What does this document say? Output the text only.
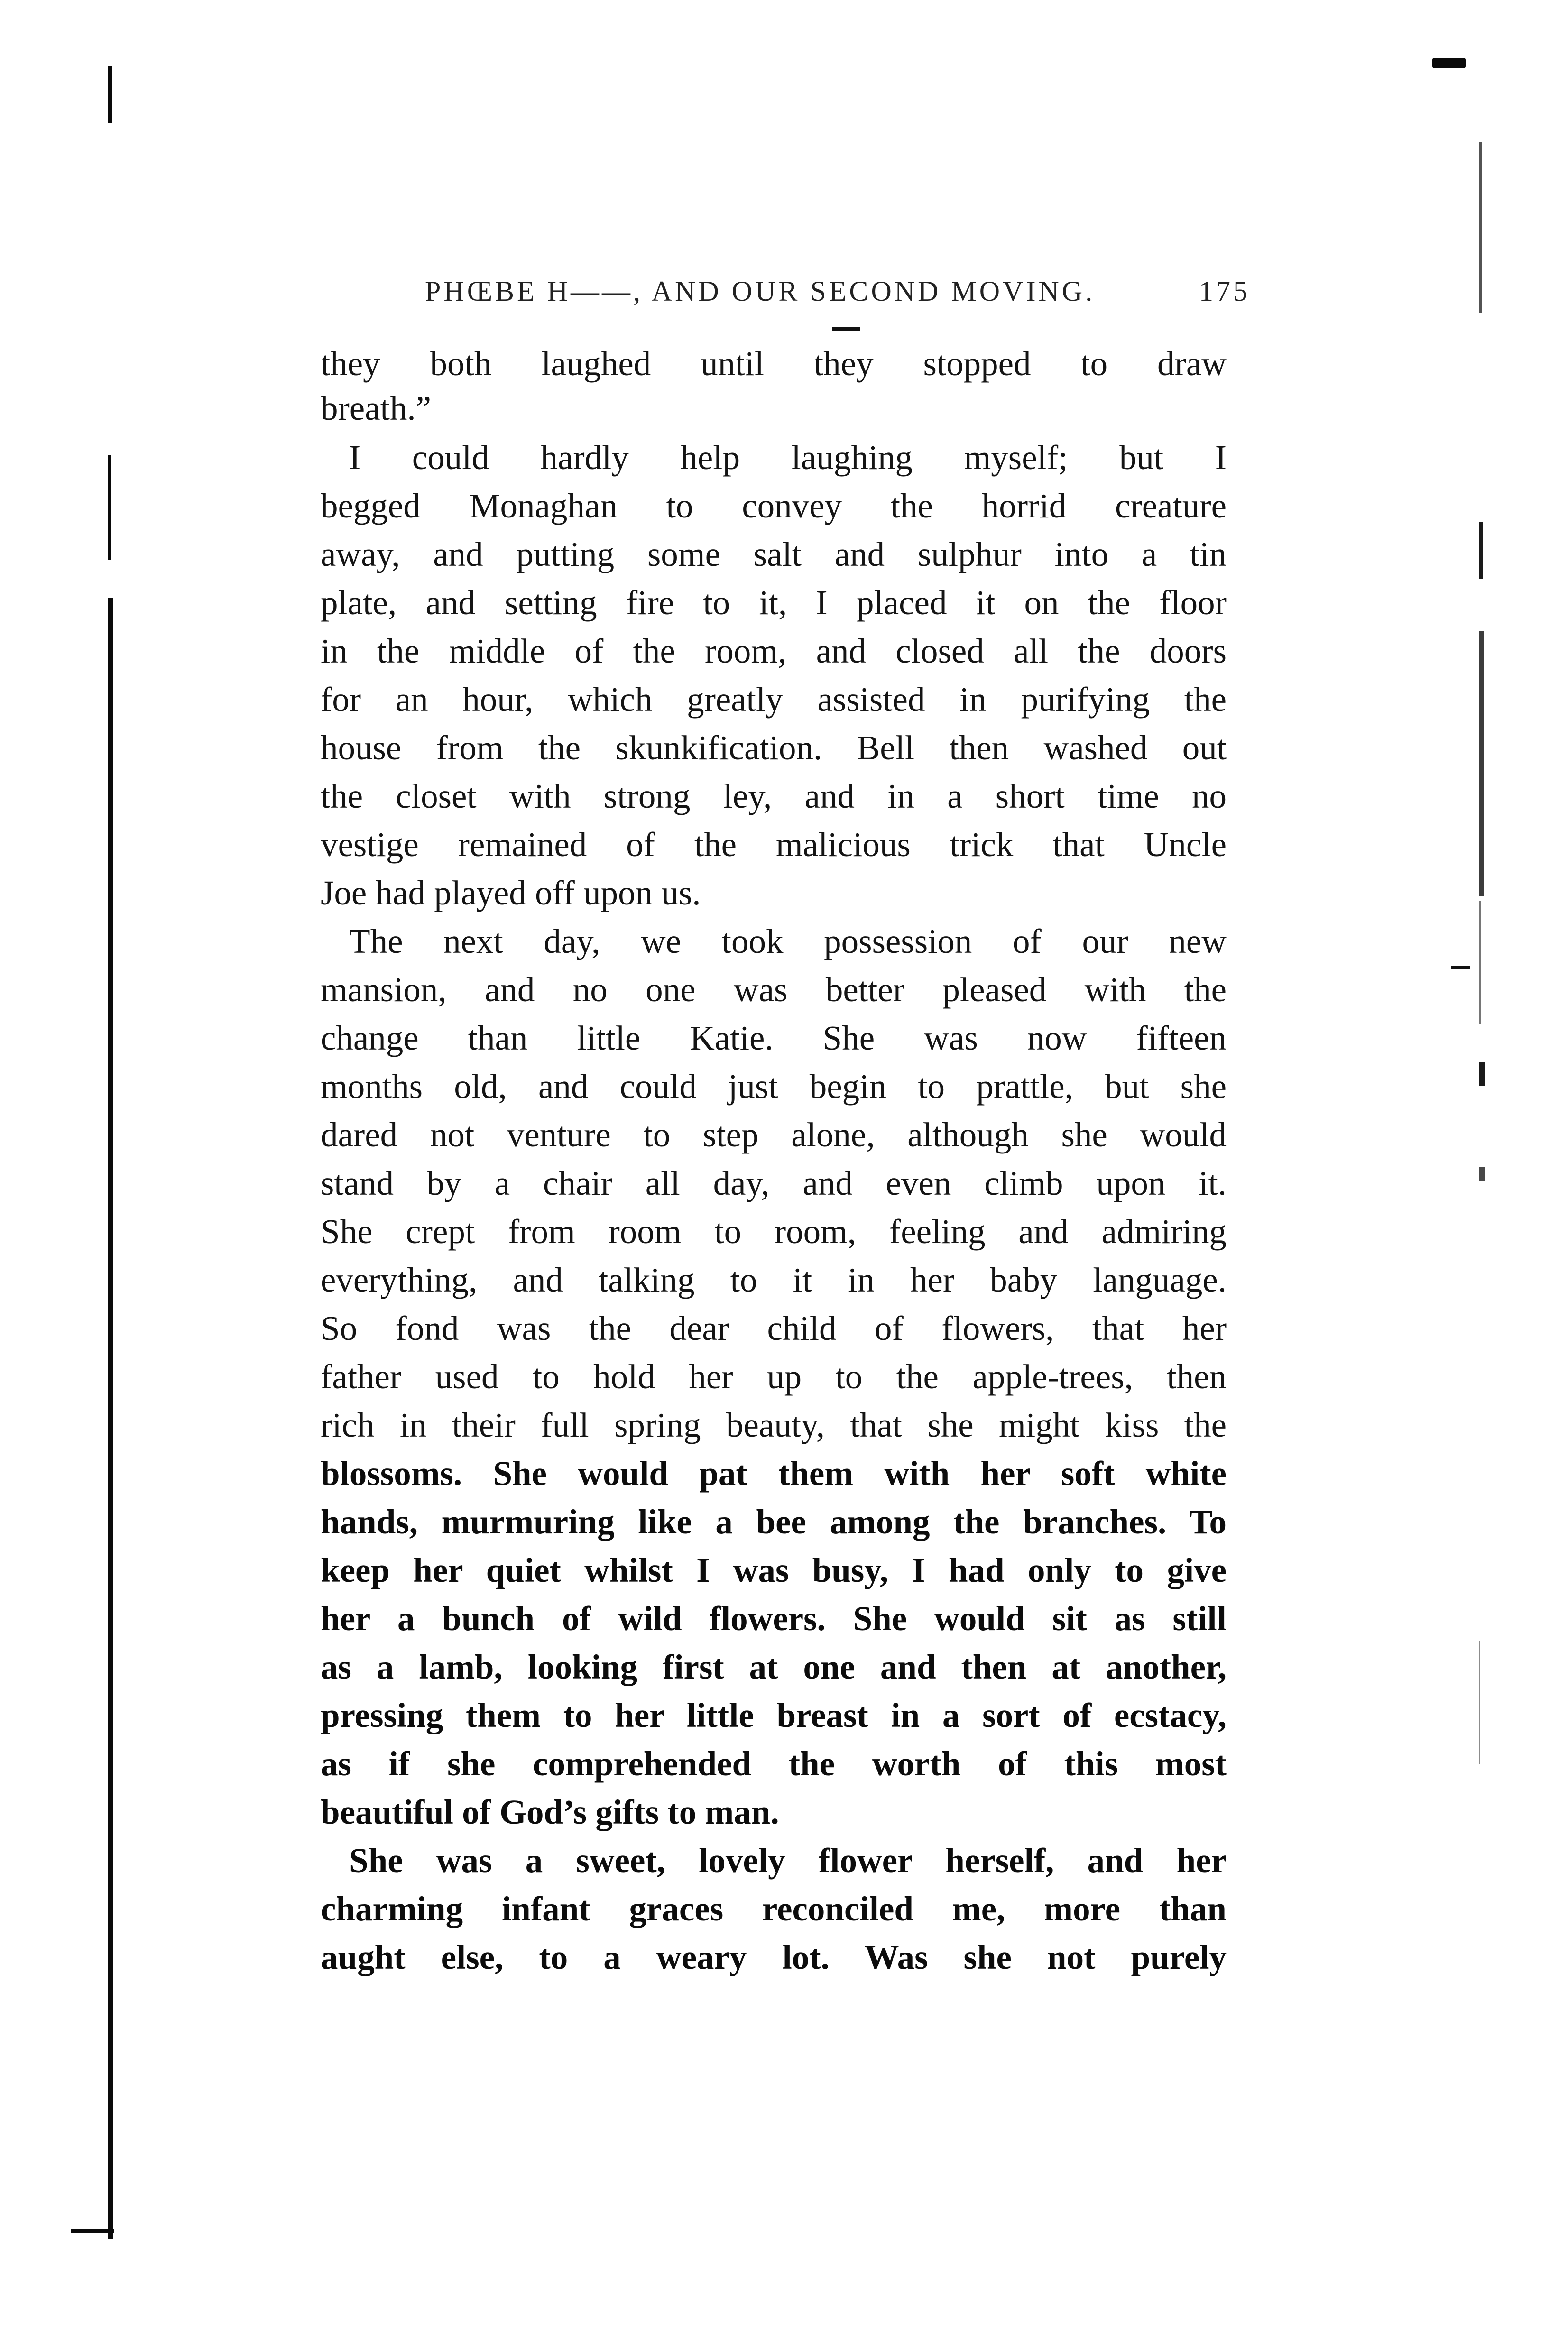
PHŒBE H——, AND OUR SECOND MOVING.	175
they both laughed until they stopped to draw
breath.”
I could hardly help laughing myself; but I
begged Monaghan to convey the horrid creature
away, and putting some salt and sulphur into a tin
plate, and setting fire to it, I placed it on the floor
in the middle of the room, and closed all the doors
for an hour, which greatly assisted in purifying the
house from the skunkification. Bell then washed out
the closet with strong ley, and in a short time no
vestige remained of the malicious trick that Uncle
Joe had played off upon us.
The next day, we took possession of our new
mansion, and no one was better pleased with the
change than little Katie. She was now fifteen
months old, and could just begin to prattle, but she
dared not venture to step alone, although she would
stand by a chair all day, and even climb upon it.
She crept from room to room, feeling and admiring
everything, and talking to it in her baby language.
So fond was the dear child of flowers, that her
father used to hold her up to the apple-trees, then
rich in their full spring beauty, that she might kiss the
blossoms. She would pat them with her soft white
hands, murmuring like a bee among the branches. To
keep her quiet whilst I was busy, I had only to give
her a bunch of wild flowers. She would sit as still
as a lamb, looking first at one and then at another,
pressing them to her little breast in a sort of ecstacy,
as if she comprehended the worth of this most
beautiful of God’s gifts to man.
She was a sweet, lovely flower herself, and her
charming infant graces reconciled me, more than
aught else, to a weary lot. Was she not purely
